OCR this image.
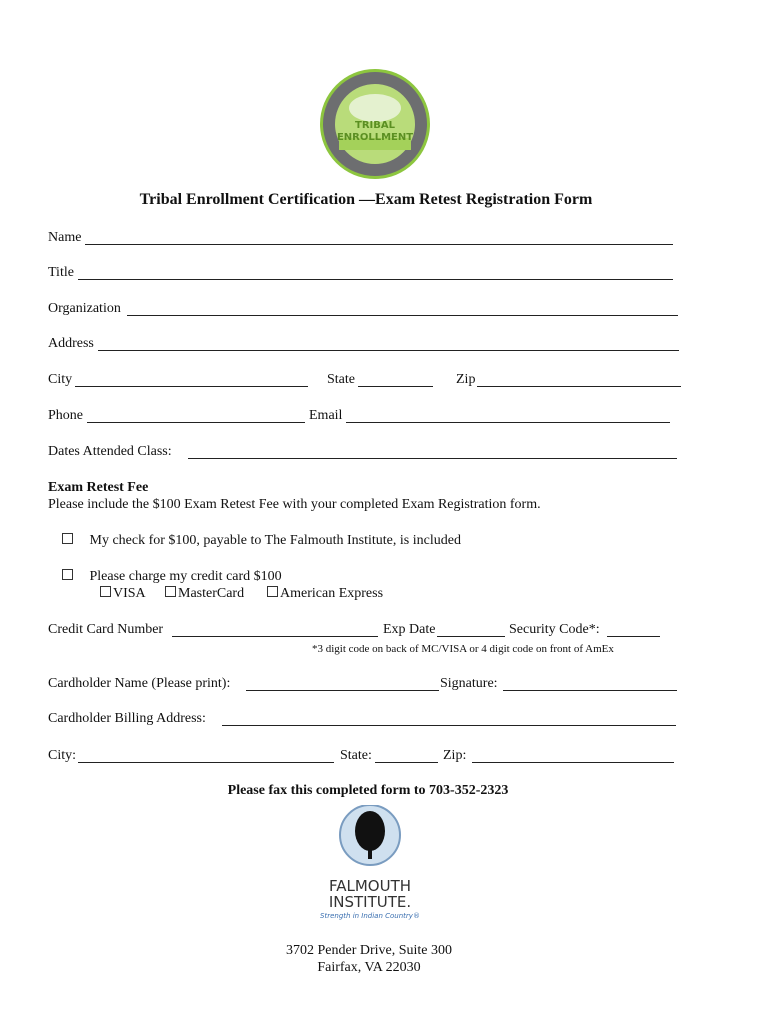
TRIBAL
ENROLLMENT
Tribal Enrollment Certification —Exam Retest Registration Form
Name
Title
Organization
Address
City	State	Zip
Phone	Email
Dates Attended Class:
Exam Retest Fee
Please include the $100 Exam Retest Fee with your completed Exam Registration form.
My check for $100, payable to The Falmouth Institute, is included
Please charge my credit card $100
VISA	MasterCard	American Express
Credit Card Number	Exp Date	Security Code*:
*3 digit code on back of MC/VISA or 4 digit code on front of AmEx
Cardholder Name (Please print):	Signature:
Cardholder Billing Address:
City:	State:	Zip:
Please fax this completed form to 703-352-2323
FALMOUTH
INSTITUTE.
Strength in Indian Country®
3702 Pender Drive, Suite 300
Fairfax, VA 22030
